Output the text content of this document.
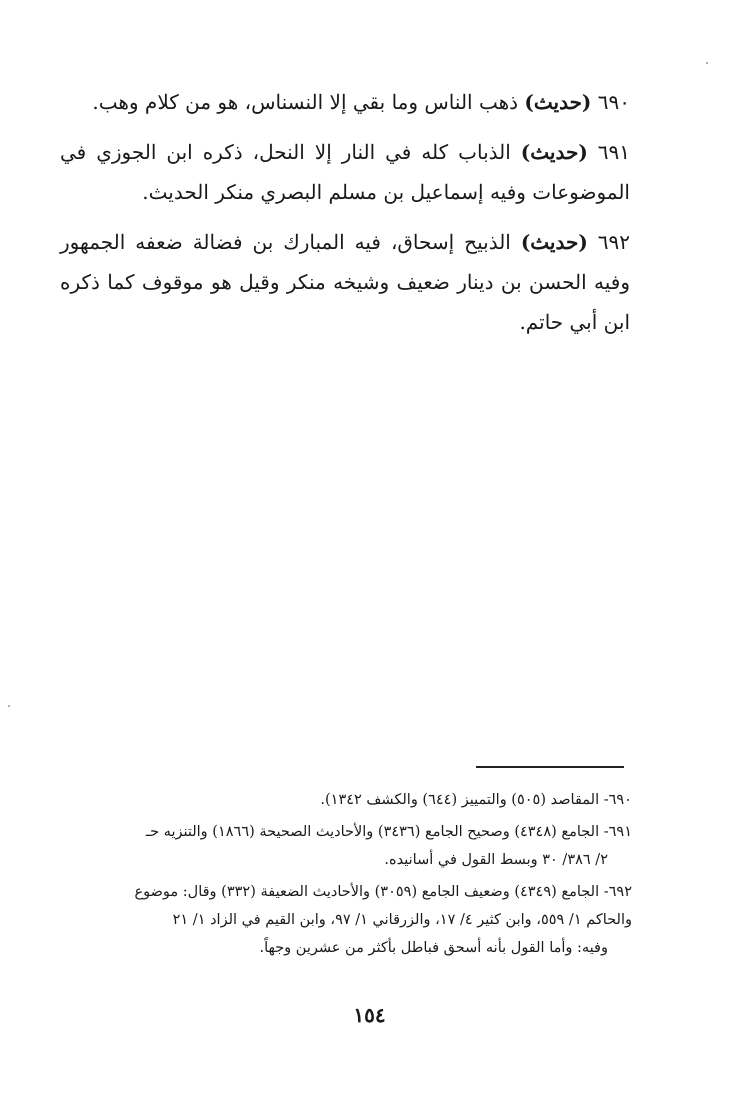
٦٩٠ (حديث) ذهب الناس وما بقي إلا النسناس، هو من كلام وهب.

٦٩١ (حديث) الذباب كله في النار إلا النحل، ذكره ابن الجوزي في الموضوعات وفيه إسماعيل بن مسلم البصري منكر الحديث.

٦٩٢ (حديث) الذبيح إسحاق، فيه المبارك بن فضالة ضعفه الجمهور وفيه الحسن بن دينار ضعيف وشيخه منكر وقيل هو موقوف كما ذكره ابن أبي حاتم.

٦٩٠- المقاصد (٥٠٥) والتمييز (٦٤٤) والكشف ١٣٤٢).
٦٩١- الجامع (٤٣٤٨) وصحيح الجامع (٣٤٣٦) والأحاديث الصحيحة (١٨٦٦) والتنزيه حـ
٢/ ٣٨٦/ ٣٠ وبسط القول في أسانيده.
٦٩٢- الجامع (٤٣٤٩) وضعيف الجامع (٣٠٥٩) والأحاديث الضعيفة (٣٣٢) وقال: موضوع
والحاكم ١/ ٥٥٩، وابن كثير ٤/ ١٧، والزرقاني ١/ ٩٧، وابن القيم في الزاد ١/ ٢١
وفيه: وأما القول بأنه أسحق فباطل بأكثر من عشرين وجهاً.
١٥٤
